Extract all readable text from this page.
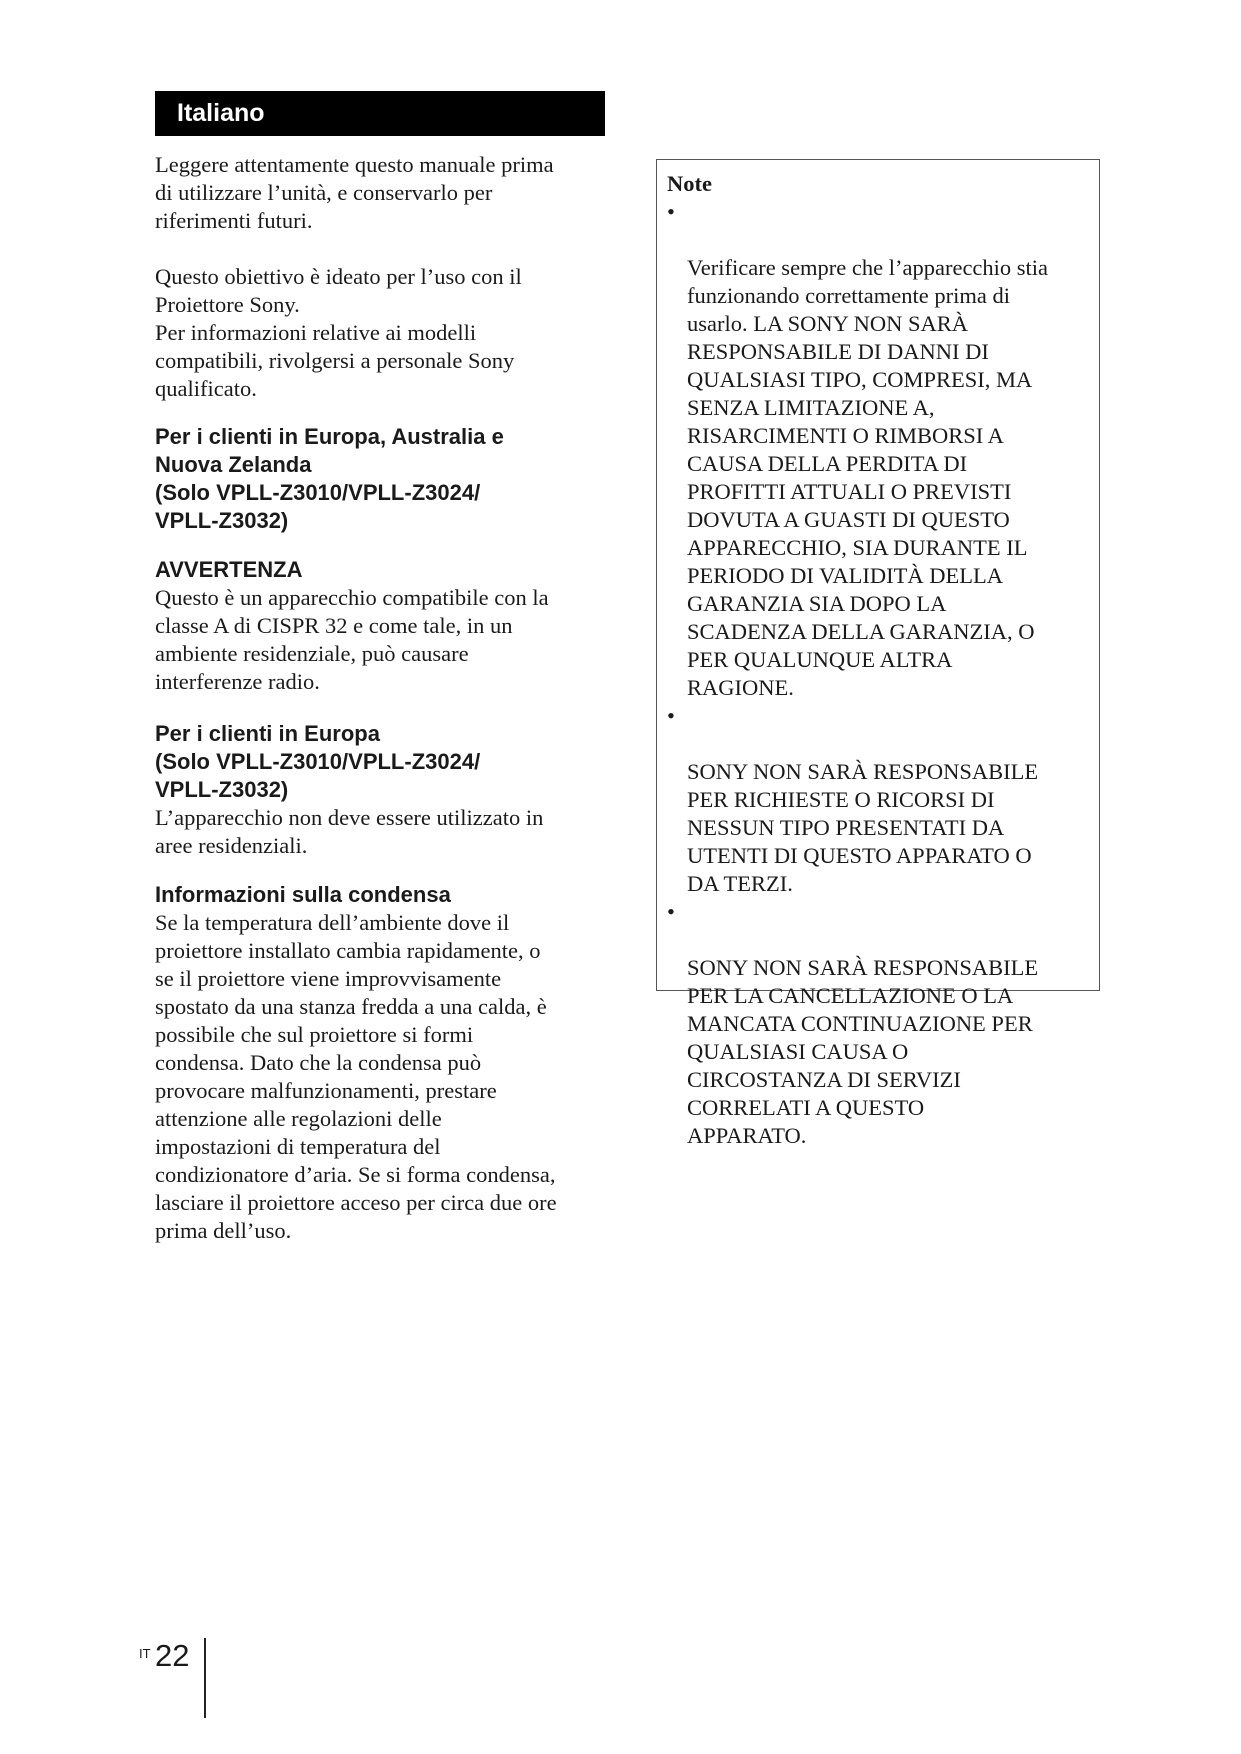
Italiano

Leggere attentamente questo manuale prima
di utilizzare l’unità, e conservarlo per
riferimenti futuri.

Questo obiettivo è ideato per l’uso con il
Proiettore Sony.
Per informazioni relative ai modelli
compatibili, rivolgersi a personale Sony
qualificato.

Per i clienti in Europa, Australia e
Nuova Zelanda
(Solo VPLL-Z3010/VPLL-Z3024/
VPLL-Z3032)
AVVERTENZA

Questo è un apparecchio compatibile con la
classe A di CISPR 32 e come tale, in un
ambiente residenziale, può causare
interferenze radio.

Per i clienti in Europa
(Solo VPLL-Z3010/VPLL-Z3024/
VPLL-Z3032)

L’apparecchio non deve essere utilizzato in
aree residenziali.

Informazioni sulla condensa

Se la temperatura dell’ambiente dove il
proiettore installato cambia rapidamente, o
se il proiettore viene improvvisamente
spostato da una stanza fredda a una calda, è
possibile che sul proiettore si formi
condensa. Dato che la condensa può
provocare malfunzionamenti, prestare
attenzione alle regolazioni delle
impostazioni di temperatura del
condizionatore d’aria. Se si forma condensa,
lasciare il proiettore acceso per circa due ore
prima dell’uso.

Note

•

Verificare sempre che l’apparecchio stia
funzionando correttamente prima di
usarlo. LA SONY NON SARÀ
RESPONSABILE DI DANNI DI
QUALSIASI TIPO, COMPRESI, MA
SENZA LIMITAZIONE A,
RISARCIMENTI O RIMBORSI A
CAUSA DELLA PERDITA DI
PROFITTI ATTUALI O PREVISTI
DOVUTA A GUASTI DI QUESTO
APPARECCHIO, SIA DURANTE IL
PERIODO DI VALIDITÀ DELLA
GARANZIA SIA DOPO LA
SCADENZA DELLA GARANZIA, O
PER QUALUNQUE ALTRA
RAGIONE.

•

SONY NON SARÀ RESPONSABILE
PER RICHIESTE O RICORSI DI
NESSUN TIPO PRESENTATI DA
UTENTI DI QUESTO APPARATO O
DA TERZI.

•

SONY NON SARÀ RESPONSABILE
PER LA CANCELLAZIONE O LA
MANCATA CONTINUAZIONE PER
QUALSIASI CAUSA O
CIRCOSTANZA DI SERVIZI
CORRELATI A QUESTO
APPARATO.

IT 22
